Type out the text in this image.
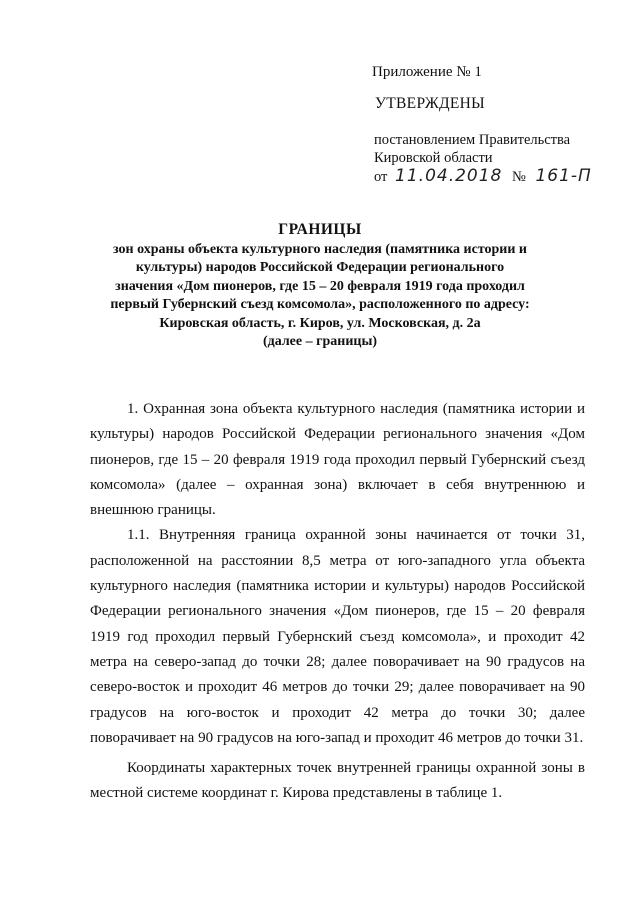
Приложение № 1
УТВЕРЖДЕНЫ
постановлением Правительства
Кировской области
от 11.04.2018 № 161-П
ГРАНИЦЫ
зон охраны объекта культурного наследия (памятника истории и
культуры) народов Российской Федерации регионального
значения «Дом пионеров, где 15 – 20 февраля 1919 года проходил
первый Губернский съезд комсомола», расположенного по адресу:
Кировская область, г. Киров, ул. Московская, д. 2а
(далее – границы)

1. Охранная зона объекта культурного наследия (памятника истории и культуры) народов Российской Федерации регионального значения «Дом пионеров, где 15 – 20 февраля 1919 года проходил первый Губернский съезд комсомола» (далее – охранная зона) включает в себя внутреннюю и внешнюю границы.

1.1. Внутренняя граница охранной зоны начинается от точки 31, расположенной на расстоянии 8,5 метра от юго-западного угла объекта культурного наследия (памятника истории и культуры) народов Российской Федерации регионального значения «Дом пионеров, где 15 – 20 февраля 1919 год проходил первый Губернский съезд комсомола», и проходит 42 метра на северо-запад до точки 28; далее поворачивает на 90 градусов на северо-восток и проходит 46 метров до точки 29; далее поворачивает на 90 градусов на юго-восток и проходит 42 метра до точки 30; далее поворачивает на 90 градусов на юго-запад и проходит 46 метров до точки 31.

Координаты характерных точек внутренней границы охранной зоны в местной системе координат г. Кирова представлены в таблице 1.
